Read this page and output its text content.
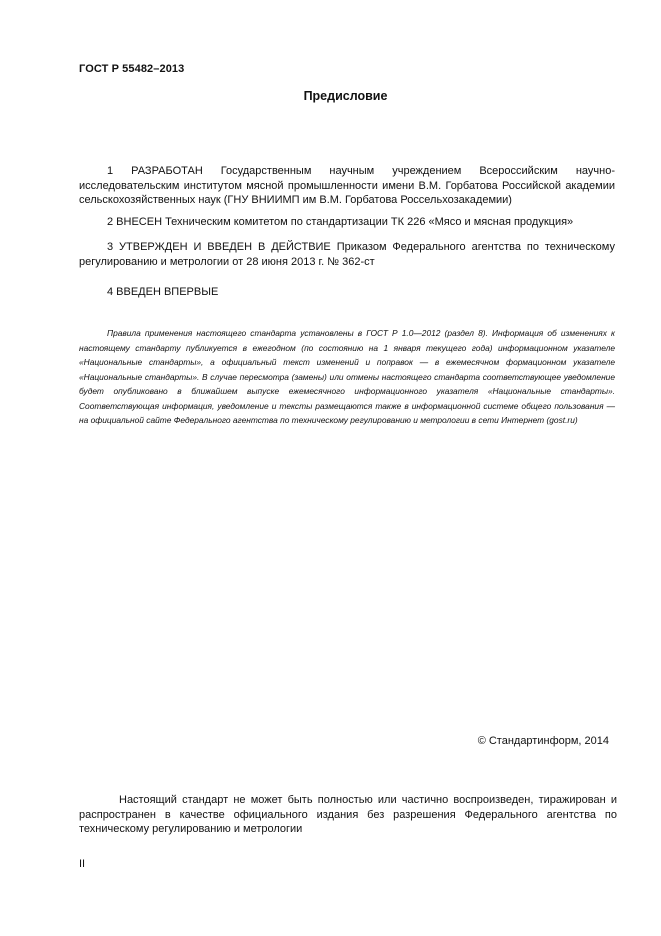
ГОСТ Р 55482–2013
Предисловие

1 РАЗРАБОТАН Государственным научным учреждением Всероссийским научно-исследовательским институтом мясной промышленности имени В.М. Горбатова Российской академии сельскохозяйственных наук (ГНУ ВНИИМП им В.М. Горбатова Россельхозакадемии)

2 ВНЕСЕН Техническим комитетом по стандартизации ТК 226 «Мясо и мясная продукция»

3 УТВЕРЖДЕН И ВВЕДЕН В ДЕЙСТВИЕ Приказом Федерального агентства по техническому регулированию и метрологии от 28 июня 2013 г. № 362-ст

4 ВВЕДЕН ВПЕРВЫЕ

Правила применения настоящего стандарта установлены в ГОСТ Р 1.0—2012 (раздел 8). Информация об изменениях к настоящему стандарту публикуется в ежегодном (по состоянию на 1 января текущего года) информационном указателе «Национальные стандарты», а официальный текст изменений и поправок — в ежемесячном формационном указателе «Национальные стандарты». В случае пересмотра (замены) или отмены настоящего стандарта соответствующее уведомление будет опубликовано в ближайшем выпуске ежемесячного информационного указателя «Национальные стандарты». Соответствующая информация, уведомление и тексты размещаются также в информационной системе общего пользования — на официальной сайте Федерального агентства по техническому регулированию и метрологии в сети Интернет (gost.ru)

© Стандартинформ, 2014

Настоящий стандарт не может быть полностью или частично воспроизведен, тиражирован и распространен в качестве официального издания без разрешения Федерального агентства по техническому регулированию и метрологии

II
